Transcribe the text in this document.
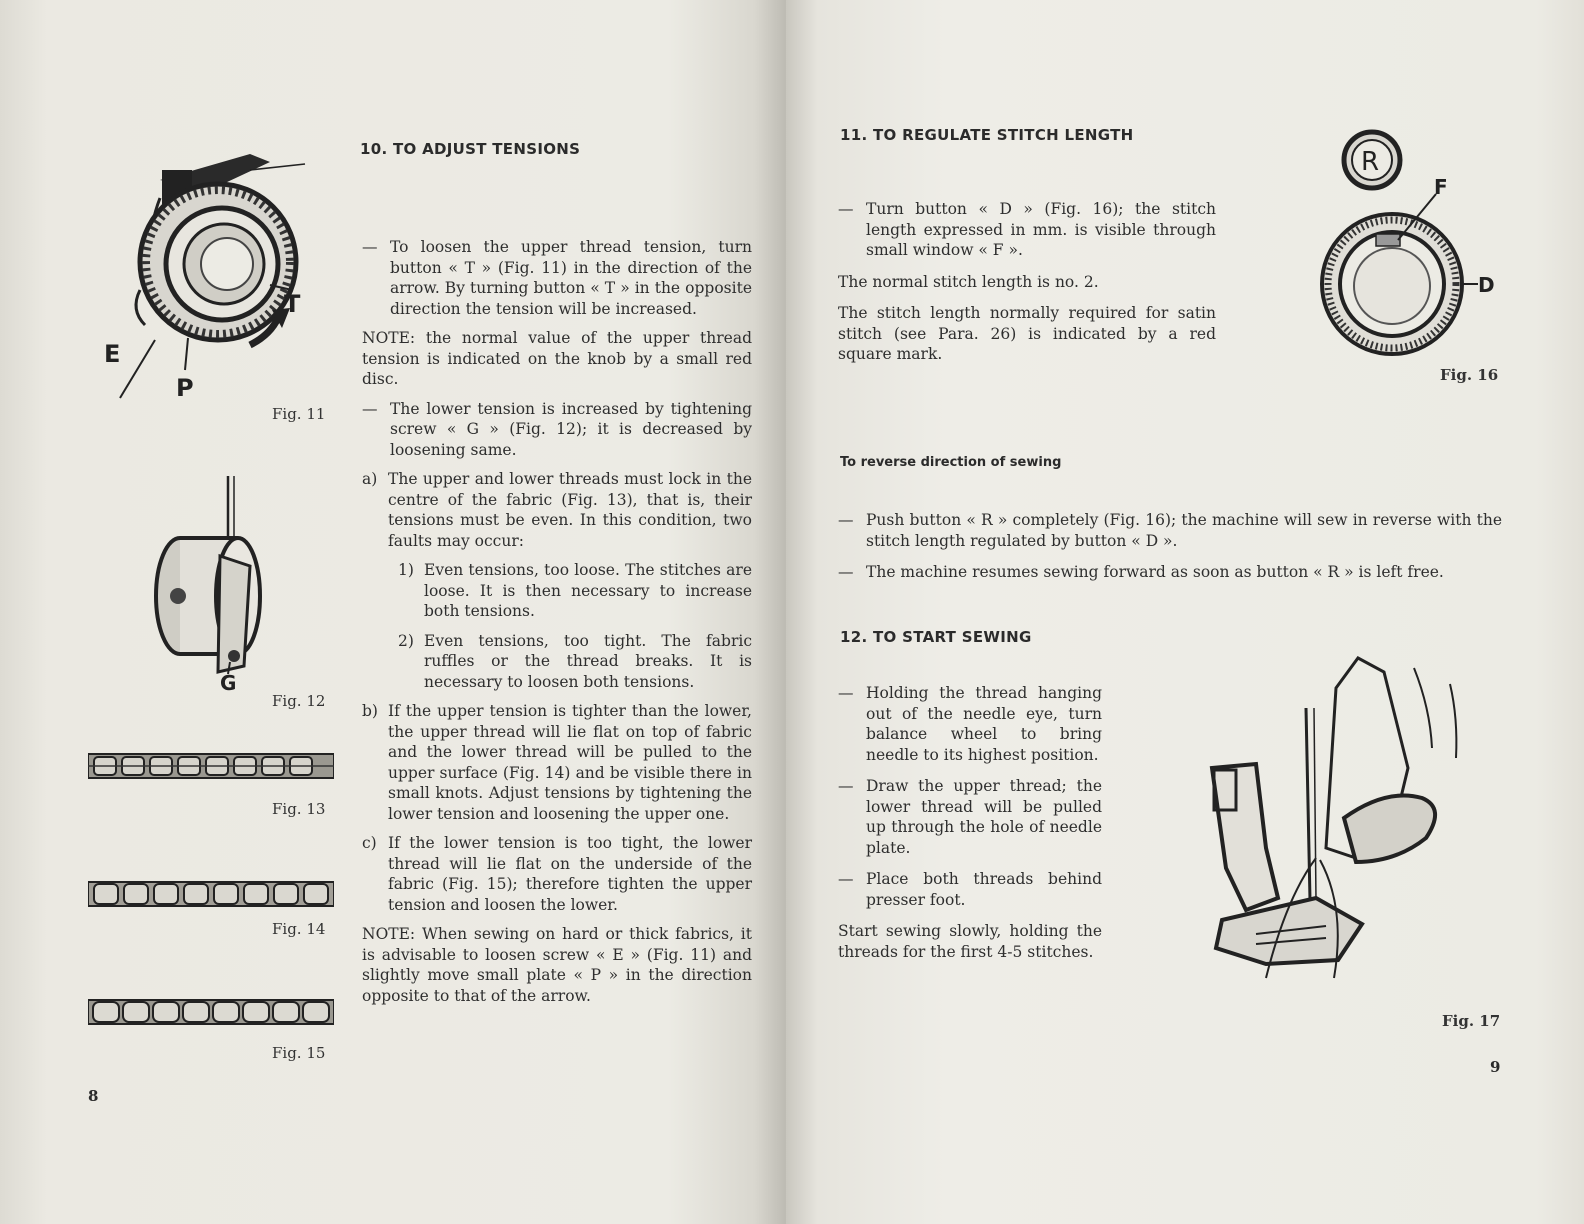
T
E
P
Fig. 11
G
Fig. 12
Fig. 13
Fig. 14
Fig. 15
10. TO ADJUST TENSIONS

— To loosen the upper thread tension, turn button « T » (Fig. 11) in the direction of the arrow. By turning button « T » in the opposite direction the tension will be increased.

NOTE: the normal value of the upper thread tension is indicated on the knob by a small red disc.

— The lower tension is increased by tightening screw « G » (Fig. 12); it is decreased by loosening same.

a) The upper and lower threads must lock in the centre of the fabric (Fig. 13), that is, their tensions must be even. In this condition, two faults may occur:

1) Even tensions, too loose. The stitches are loose. It is then necessary to increase both tensions.

2) Even tensions, too tight. The fabric ruffles or the thread breaks. It is necessary to loosen both tensions.

b) If the upper tension is tighter than the lower, the upper thread will lie flat on top of fabric and the lower thread will be pulled to the upper surface (Fig. 14) and be visible there in small knots. Adjust tensions by tightening the lower tension and loosening the upper one.

c) If the lower tension is too tight, the lower thread will lie flat on the underside of the fabric (Fig. 15); therefore tighten the upper tension and loosen the lower.

NOTE: When sewing on hard or thick fabrics, it is advisable to loosen screw « E » (Fig. 11) and slightly move small plate « P » in the direction opposite to that of the arrow.

8
11. TO REGULATE STITCH LENGTH

— Turn button « D » (Fig. 16); the stitch length expressed in mm. is visible through small window « F ».

The normal stitch length is no. 2.

The stitch length normally required for satin stitch (see Para. 26) is indicated by a red square mark.

R
F
D
Fig. 16
To reverse direction of sewing

— Push button « R » completely (Fig. 16); the machine will sew in reverse with the stitch length regulated by button « D ».

— The machine resumes sewing forward as soon as button « R » is left free.

12. TO START SEWING

— Holding the thread hanging out of the needle eye, turn balance wheel to bring needle to its highest position.

— Draw the upper thread; the lower thread will be pulled up through the hole of needle plate.

— Place both threads behind presser foot.

Start sewing slowly, holding the threads for the first 4-5 stitches.

Fig. 17
9
